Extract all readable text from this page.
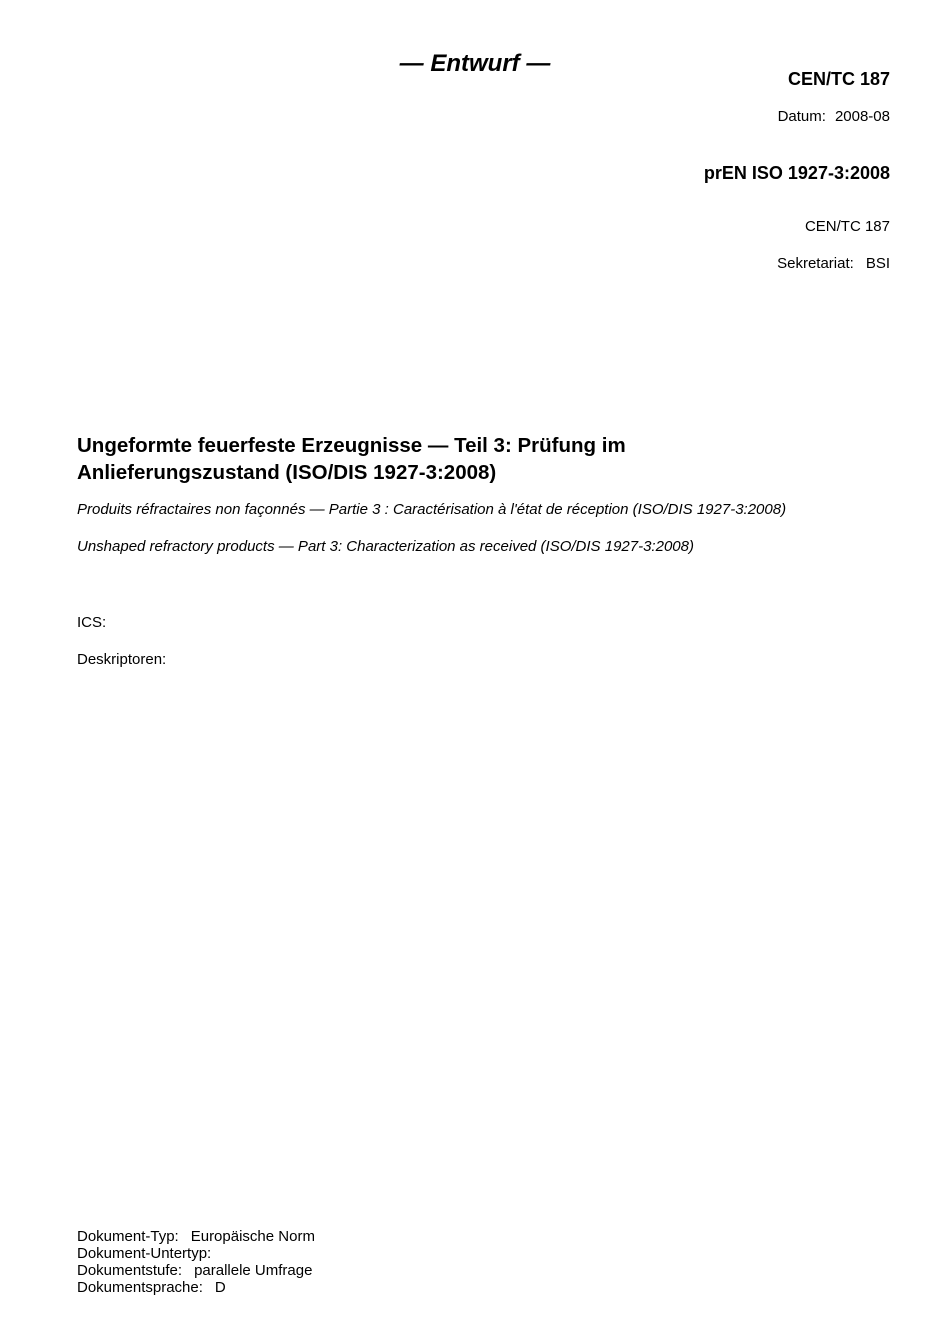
— Entwurf —
CEN/TC 187
Datum: 2008-08
prEN ISO 1927-3:2008
CEN/TC 187
Sekretariat: BSI
Ungeformte feuerfeste Erzeugnisse — Teil 3: Prüfung im
Anlieferungszustand (ISO/DIS 1927-3:2008)
Produits réfractaires non façonnés — Partie 3 : Caractérisation à l'état de réception (ISO/DIS 1927-3:2008)
Unshaped refractory products — Part 3: Characterization as received (ISO/DIS 1927-3:2008)
ICS:
Deskriptoren:
Dokument-Typ: Europäische Norm
Dokument-Untertyp:
Dokumentstufe: parallele Umfrage
Dokumentsprache: D
